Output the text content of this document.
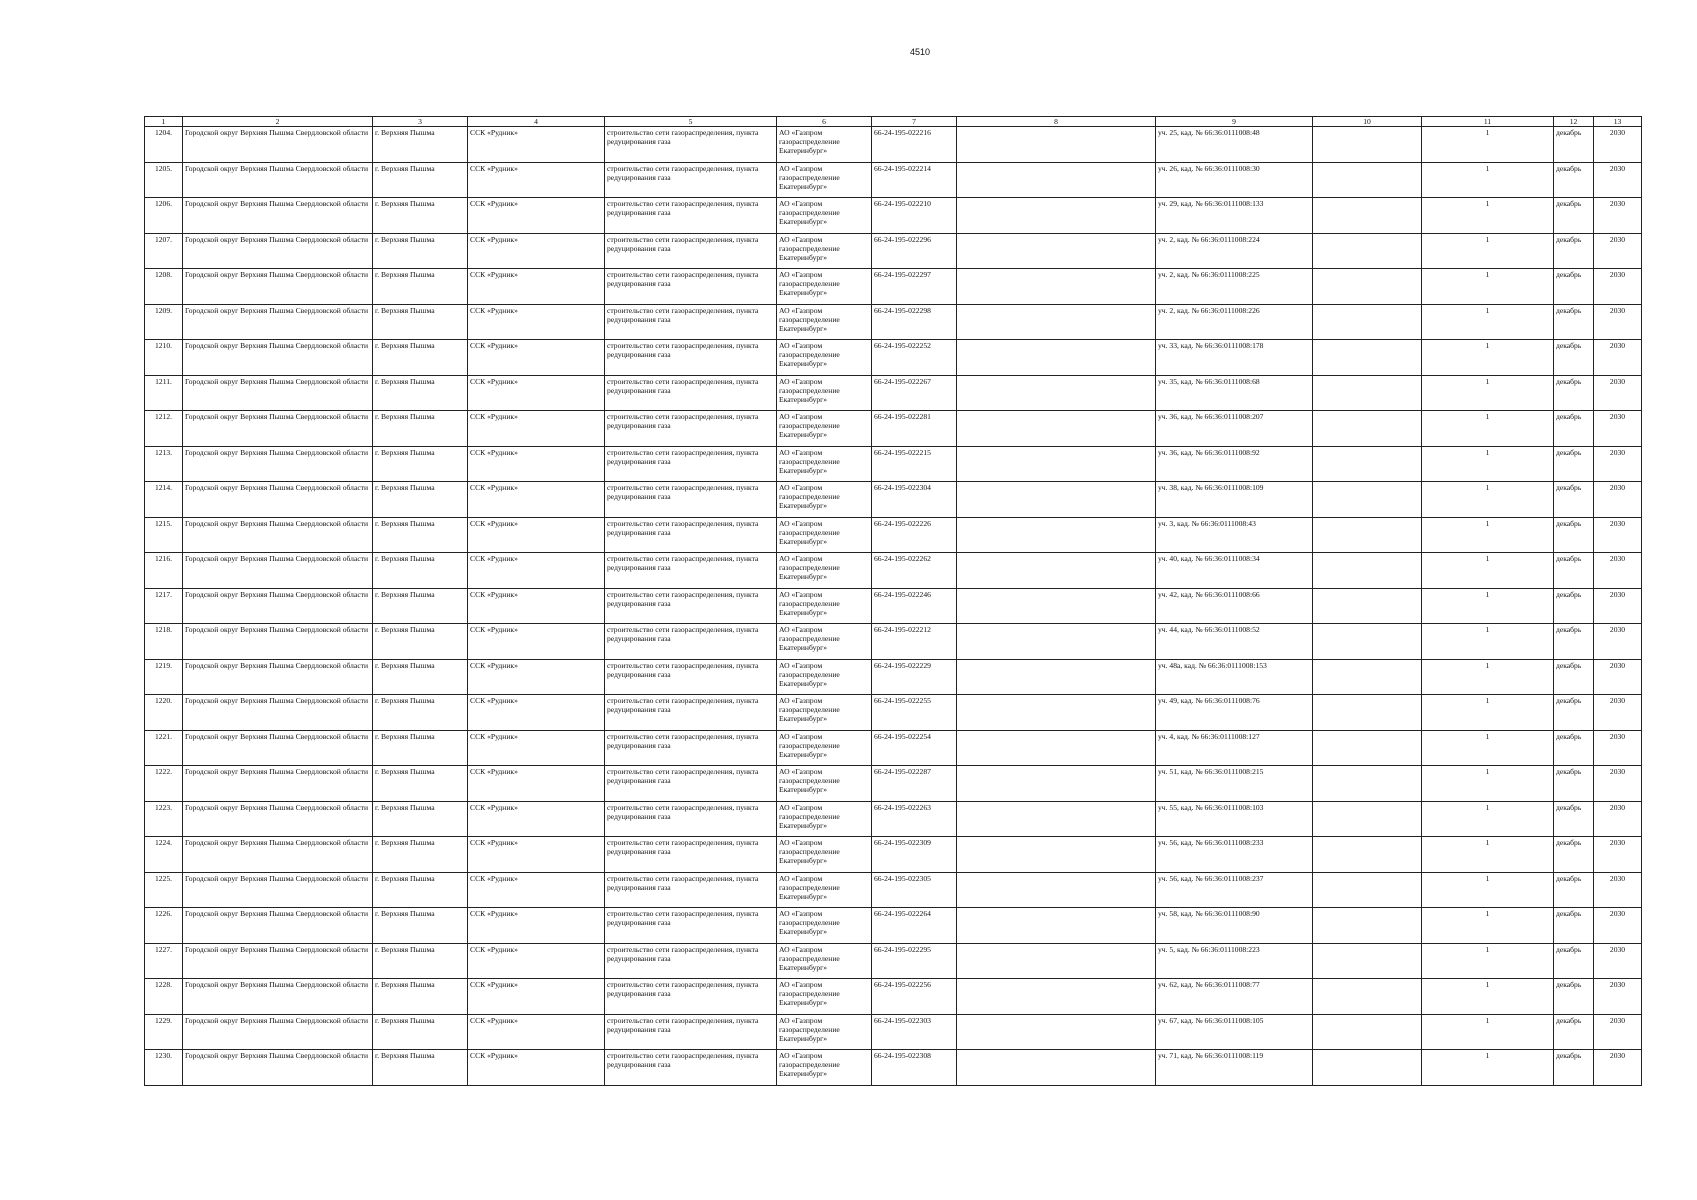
4510
1	2	3	4	5	6	7	8	9	10	11	12	13
1204.	Городской округ Верхняя Пышма Свердловской области	г. Верхняя Пышма	ССК «Рудник»	строительство сети газораспределения, пункта редуцирования газа	АО «Газпром газораспределение Екатеринбург»	66-24-195-022216		уч. 25, кад. № 66:36:0111008:48		1	декабрь	2030
1205.	Городской округ Верхняя Пышма Свердловской области	г. Верхняя Пышма	ССК «Рудник»	строительство сети газораспределения, пункта редуцирования газа	АО «Газпром газораспределение Екатеринбург»	66-24-195-022214		уч. 26, кад. № 66:36:0111008:30		1	декабрь	2030
1206.	Городской округ Верхняя Пышма Свердловской области	г. Верхняя Пышма	ССК «Рудник»	строительство сети газораспределения, пункта редуцирования газа	АО «Газпром газораспределение Екатеринбург»	66-24-195-022210		уч. 29, кад. № 66:36:0111008:133		1	декабрь	2030
1207.	Городской округ Верхняя Пышма Свердловской области	г. Верхняя Пышма	ССК «Рудник»	строительство сети газораспределения, пункта редуцирования газа	АО «Газпром газораспределение Екатеринбург»	66-24-195-022296		уч. 2, кад. № 66:36:0111008:224		1	декабрь	2030
1208.	Городской округ Верхняя Пышма Свердловской области	г. Верхняя Пышма	ССК «Рудник»	строительство сети газораспределения, пункта редуцирования газа	АО «Газпром газораспределение Екатеринбург»	66-24-195-022297		уч. 2, кад. № 66:36:0111008:225		1	декабрь	2030
1209.	Городской округ Верхняя Пышма Свердловской области	г. Верхняя Пышма	ССК «Рудник»	строительство сети газораспределения, пункта редуцирования газа	АО «Газпром газораспределение Екатеринбург»	66-24-195-022298		уч. 2, кад. № 66:36:0111008:226		1	декабрь	2030
1210.	Городской округ Верхняя Пышма Свердловской области	г. Верхняя Пышма	ССК «Рудник»	строительство сети газораспределения, пункта редуцирования газа	АО «Газпром газораспределение Екатеринбург»	66-24-195-022252		уч. 33, кад. № 66:36:0111008:178		1	декабрь	2030
1211.	Городской округ Верхняя Пышма Свердловской области	г. Верхняя Пышма	ССК «Рудник»	строительство сети газораспределения, пункта редуцирования газа	АО «Газпром газораспределение Екатеринбург»	66-24-195-022267		уч. 35, кад. № 66:36:0111008:68		1	декабрь	2030
1212.	Городской округ Верхняя Пышма Свердловской области	г. Верхняя Пышма	ССК «Рудник»	строительство сети газораспределения, пункта редуцирования газа	АО «Газпром газораспределение Екатеринбург»	66-24-195-022281		уч. 36, кад. № 66:36:0111008:207		1	декабрь	2030
1213.	Городской округ Верхняя Пышма Свердловской области	г. Верхняя Пышма	ССК «Рудник»	строительство сети газораспределения, пункта редуцирования газа	АО «Газпром газораспределение Екатеринбург»	66-24-195-022215		уч. 36, кад. № 66:36:0111008:92		1	декабрь	2030
1214.	Городской округ Верхняя Пышма Свердловской области	г. Верхняя Пышма	ССК «Рудник»	строительство сети газораспределения, пункта редуцирования газа	АО «Газпром газораспределение Екатеринбург»	66-24-195-022304		уч. 38, кад. № 66:36:0111008:109		1	декабрь	2030
1215.	Городской округ Верхняя Пышма Свердловской области	г. Верхняя Пышма	ССК «Рудник»	строительство сети газораспределения, пункта редуцирования газа	АО «Газпром газораспределение Екатеринбург»	66-24-195-022226		уч. 3, кад. № 66:36:0111008:43		1	декабрь	2030
1216.	Городской округ Верхняя Пышма Свердловской области	г. Верхняя Пышма	ССК «Рудник»	строительство сети газораспределения, пункта редуцирования газа	АО «Газпром газораспределение Екатеринбург»	66-24-195-022262		уч. 40, кад. № 66:36:0111008:34		1	декабрь	2030
1217.	Городской округ Верхняя Пышма Свердловской области	г. Верхняя Пышма	ССК «Рудник»	строительство сети газораспределения, пункта редуцирования газа	АО «Газпром газораспределение Екатеринбург»	66-24-195-022246		уч. 42, кад. № 66:36:0111008:66		1	декабрь	2030
1218.	Городской округ Верхняя Пышма Свердловской области	г. Верхняя Пышма	ССК «Рудник»	строительство сети газораспределения, пункта редуцирования газа	АО «Газпром газораспределение Екатеринбург»	66-24-195-022212		уч. 44, кад. № 66:36:0111008:52		1	декабрь	2030
1219.	Городской округ Верхняя Пышма Свердловской области	г. Верхняя Пышма	ССК «Рудник»	строительство сети газораспределения, пункта редуцирования газа	АО «Газпром газораспределение Екатеринбург»	66-24-195-022229		уч. 48а, кад. № 66:36:0111008:153		1	декабрь	2030
1220.	Городской округ Верхняя Пышма Свердловской области	г. Верхняя Пышма	ССК «Рудник»	строительство сети газораспределения, пункта редуцирования газа	АО «Газпром газораспределение Екатеринбург»	66-24-195-022255		уч. 49, кад. № 66:36:0111008:76		1	декабрь	2030
1221.	Городской округ Верхняя Пышма Свердловской области	г. Верхняя Пышма	ССК «Рудник»	строительство сети газораспределения, пункта редуцирования газа	АО «Газпром газораспределение Екатеринбург»	66-24-195-022254		уч. 4, кад. № 66:36:0111008:127		1	декабрь	2030
1222.	Городской округ Верхняя Пышма Свердловской области	г. Верхняя Пышма	ССК «Рудник»	строительство сети газораспределения, пункта редуцирования газа	АО «Газпром газораспределение Екатеринбург»	66-24-195-022287		уч. 51, кад. № 66:36:0111008:215		1	декабрь	2030
1223.	Городской округ Верхняя Пышма Свердловской области	г. Верхняя Пышма	ССК «Рудник»	строительство сети газораспределения, пункта редуцирования газа	АО «Газпром газораспределение Екатеринбург»	66-24-195-022263		уч. 55, кад. № 66:36:0111008:103		1	декабрь	2030
1224.	Городской округ Верхняя Пышма Свердловской области	г. Верхняя Пышма	ССК «Рудник»	строительство сети газораспределения, пункта редуцирования газа	АО «Газпром газораспределение Екатеринбург»	66-24-195-022309		уч. 56, кад. № 66:36:0111008:233		1	декабрь	2030
1225.	Городской округ Верхняя Пышма Свердловской области	г. Верхняя Пышма	ССК «Рудник»	строительство сети газораспределения, пункта редуцирования газа	АО «Газпром газораспределение Екатеринбург»	66-24-195-022305		уч. 56, кад. № 66:36:0111008:237		1	декабрь	2030
1226.	Городской округ Верхняя Пышма Свердловской области	г. Верхняя Пышма	ССК «Рудник»	строительство сети газораспределения, пункта редуцирования газа	АО «Газпром газораспределение Екатеринбург»	66-24-195-022264		уч. 58, кад. № 66:36:0111008:90		1	декабрь	2030
1227.	Городской округ Верхняя Пышма Свердловской области	г. Верхняя Пышма	ССК «Рудник»	строительство сети газораспределения, пункта редуцирования газа	АО «Газпром газораспределение Екатеринбург»	66-24-195-022295		уч. 5, кад. № 66:36:0111008:223		1	декабрь	2030
1228.	Городской округ Верхняя Пышма Свердловской области	г. Верхняя Пышма	ССК «Рудник»	строительство сети газораспределения, пункта редуцирования газа	АО «Газпром газораспределение Екатеринбург»	66-24-195-022256		уч. 62, кад. № 66:36:0111008:77		1	декабрь	2030
1229.	Городской округ Верхняя Пышма Свердловской области	г. Верхняя Пышма	ССК «Рудник»	строительство сети газораспределения, пункта редуцирования газа	АО «Газпром газораспределение Екатеринбург»	66-24-195-022303		уч. 67, кад. № 66:36:0111008:105		1	декабрь	2030
1230.	Городской округ Верхняя Пышма Свердловской области	г. Верхняя Пышма	ССК «Рудник»	строительство сети газораспределения, пункта редуцирования газа	АО «Газпром газораспределение Екатеринбург»	66-24-195-022308		уч. 71, кад. № 66:36:0111008:119		1	декабрь	2030
